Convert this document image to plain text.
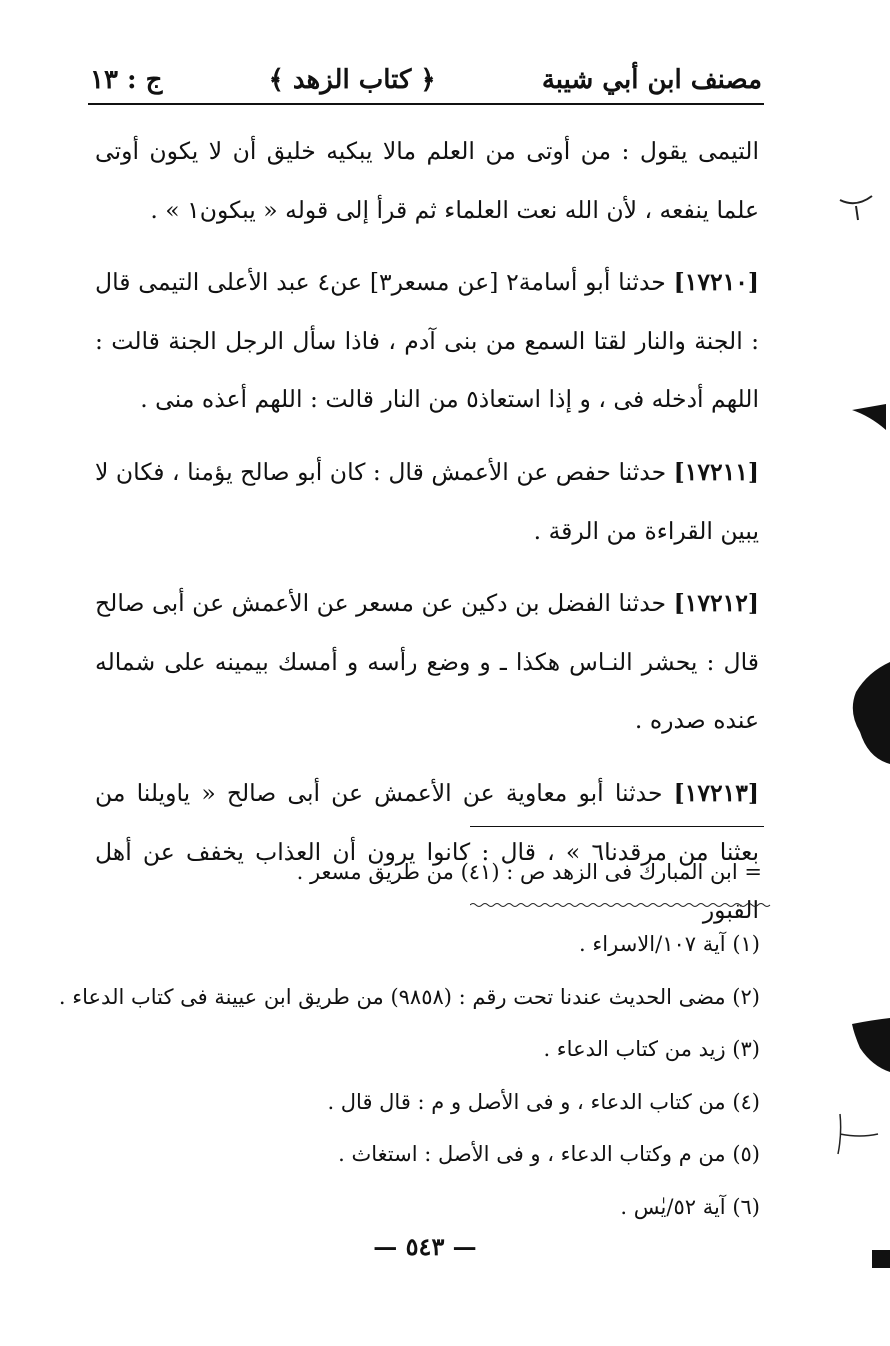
مصنف ابن أبي شيبة
﴿ كتاب الزهد ﴾
ج : ١٣

التيمى يقول : من أوتى من العلم مالا يبكيه خليق أن لا يكون أوتى علما ينفعه ، لأن الله نعت العلماء ثم قرأ إلى قوله « يبكون١ » .

[١٧٢١٠] حدثنا أبو أسامة٢ [عن مسعر٣] عن٤ عبد الأعلى التيمى قال : الجنة والنار لقتا السمع من بنى آدم ، فاذا سأل الرجل الجنة قالت : اللهم أدخله فى ، و إذا استعاذ٥ من النار قالت : اللهم أعذه منى .

[١٧٢١١] حدثنا حفص عن الأعمش قال : كان أبو صالح يؤمنا ، فكان لا يبين القراءة من الرقة .

[١٧٢١٢] حدثنا الفضل بن دكين عن مسعر عن الأعمش عن أبى صالح قال : يحشر النـاس هكذا ـ و وضع رأسه و أمسك بيمينه على شماله عنده صدره .

[١٧٢١٣] حدثنا أبو معاوية عن الأعمش عن أبى صالح « ياويلنا من بعثنا من مرقدنا٦ » ، قال : كانوا يرون أن العذاب يخفف عن أهل القبور

= ابن المبارك فى الزهد ص : (٤١) من طريق مسعر .
(١) آية ١٠٧/الاسراء .
(٢) مضى الحديث عندنا تحت رقم : (٩٨٥٨) من طريق ابن عيينة فى كتاب الدعاء .
(٣) زيد من كتاب الدعاء .
(٤) من كتاب الدعاء ، و فى الأصل و م : قال قال .
(٥) من م وكتاب الدعاء ، و فى الأصل : استغاث .
(٦) آية ٥٢/يٰس .
— ٥٤٣ —
